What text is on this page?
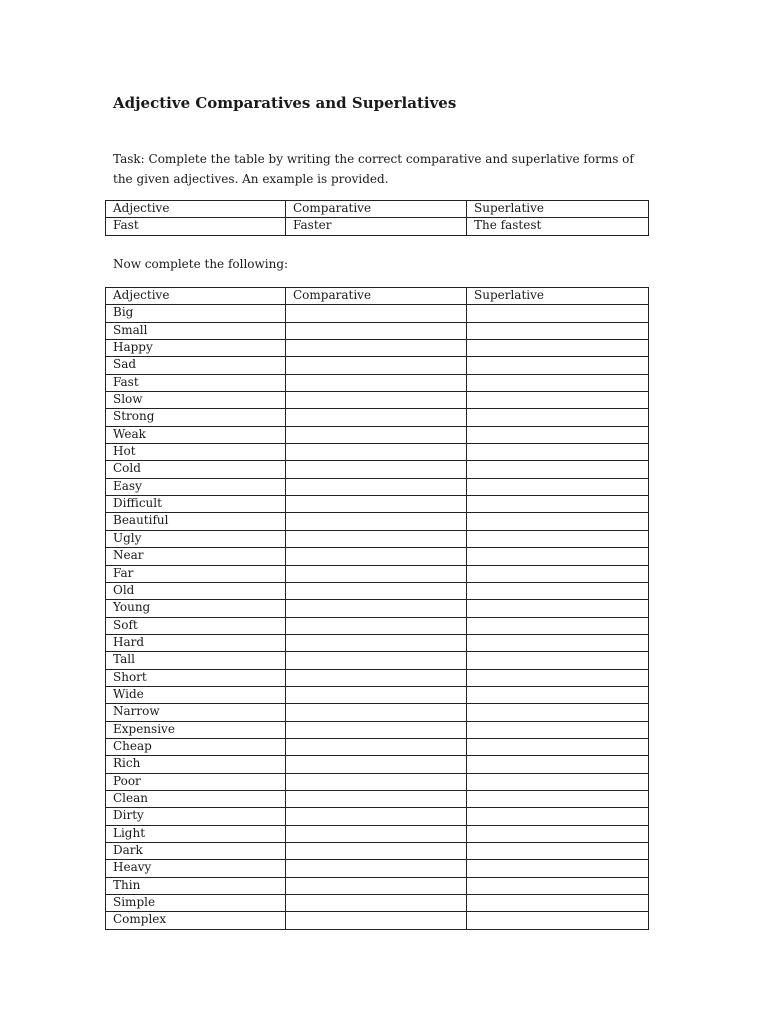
Adjective Comparatives and Superlatives

Task: Complete the table by writing the correct comparative and superlative forms of the given adjectives. An example is provided.

Adjective	Comparative	Superlative
Fast	Faster	The fastest

Now complete the following:

Adjective	Comparative	Superlative
Big		
Small		
Happy		
Sad		
Fast		
Slow		
Strong		
Weak		
Hot		
Cold		
Easy		
Difficult		
Beautiful		
Ugly		
Near		
Far		
Old		
Young		
Soft		
Hard		
Tall		
Short		
Wide		
Narrow		
Expensive		
Cheap		
Rich		
Poor		
Clean		
Dirty		
Light		
Dark		
Heavy		
Thin		
Simple		
Complex		
